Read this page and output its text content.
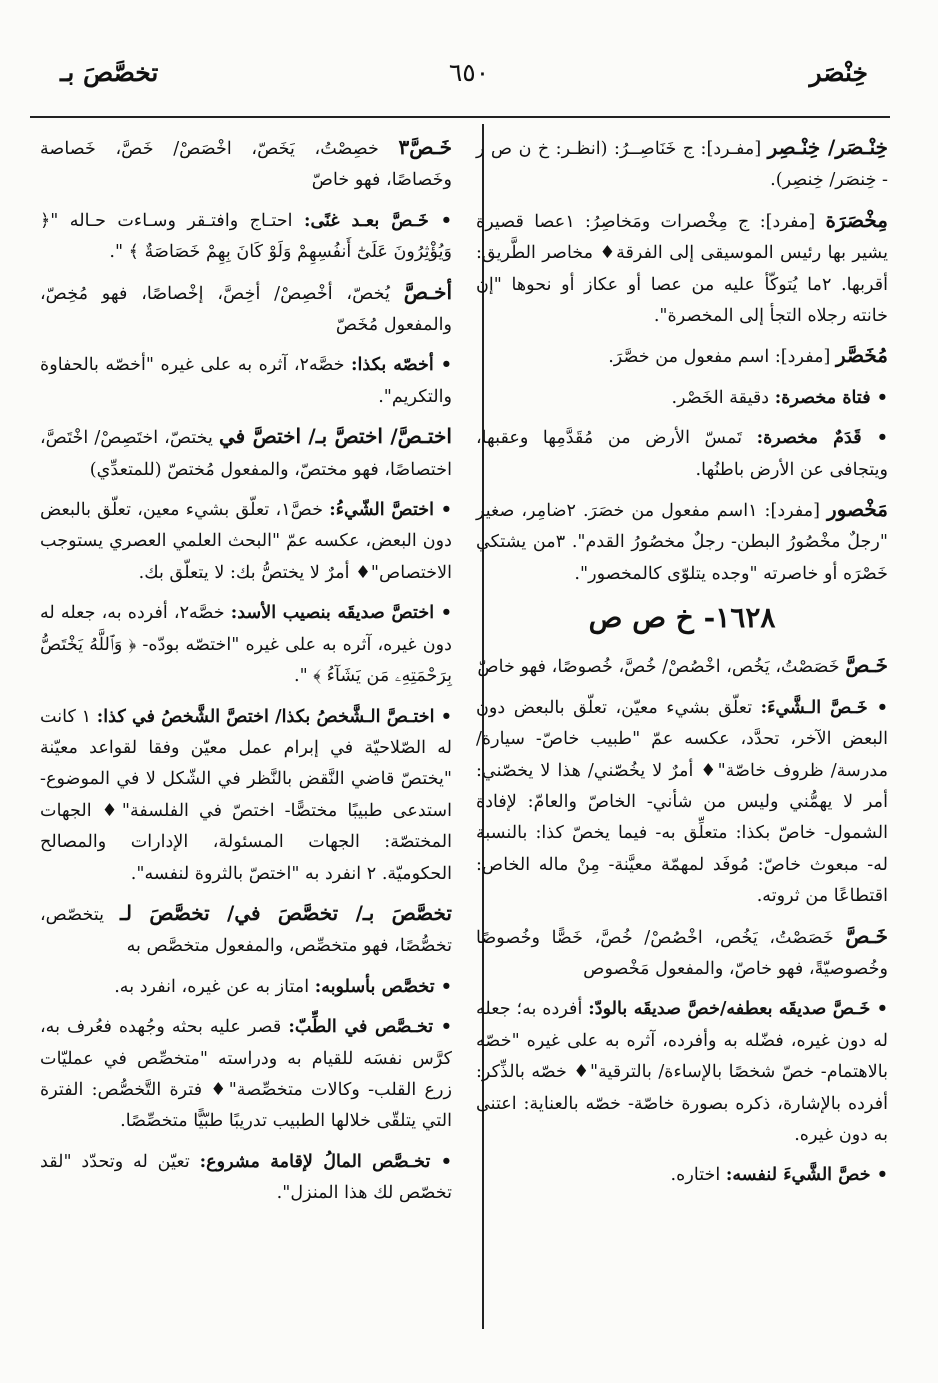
خِنْصَر
٦٥٠
تخصَّصَ بـ
خِنْـصَر/ خِنْـصِر [مفـرد]: ج خَنَاصِــرُ: (انظـر: خ ن ص ر - خِنصَر/ خِنصِر).
مِخْصَرَة [مفرد]: ج مِخْصرات ومَخاصِرُ: ١عصا قصيرة يشير بها رئيس الموسيقى إلى الفرقة♦ مخاصر الطَّريق: أقربها. ٢ما يُتوكّأ عليه من عصا أو عكاز أو نحوها "إن خانته رجلاه التجأ إلى المخصرة".
مُخَصَّر [مفرد]: اسم مفعول من خصَّرَ.
• فتاة مخصرة: دقيقة الخَصْر.
• قَدَمٌ مخصرة: تَمسّ الأرض من مُقَدَّمِها وعقبها، ويتجافى عن الأرض باطنُها.
مَخْصور [مفرد]: ١اسم مفعول من خصَرَ. ٢ضامِر، صغير "رجلٌ مخْصُورُ البطن- رجلٌ مخصُورُ القدم". ٣من يشتكي خَصْرَه أو خاصرته "وجده يتلوّى كالمخصور".
١٦٢٨- خ ص ص
خَـصَّ خَصَصْتُ، يَخُص، اخْصُصْ/ خُصَّ، خُصوصًا، فهو خاصّ
• خَـصَّ الـشَّيءَ: تعلّق بشيء معيّن، تعلّق بالبعض دون البعض الآخر، تحدَّد، عكسه عمّ "طبيب خاصّ- سيارة/ مدرسة/ ظروف خاصّة"♦ أمرٌ لا يخُصّني/ هذا لا يخصّني: أمر لا يهمُّني وليس من شأني- الخاصّ والعامّ: لإفادة الشمول- خاصّ بكذا: متعلِّق به- فيما يخصّ كذا: بالنسبة له- مبعوث خاصّ: مُوفَد لمهمّة معيَّنة- مِنْ ماله الخاص: اقتطاعًا من ثروته.
خَـصَّ خَصَصْتُ، يَخُص، اخْصُصْ/ خُصَّ، خَصًّا وخُصوصًا وخُصوصيّةً، فهو خاصّ، والمفعول مَخْصوص
• خَـصَّ صديقَه بعطفه/خصَّ صديقَه بالودّ: أفرده به؛ جعله له دون غيره، فضّله به وأفرده، آثره به على غيره "خصّه بالاهتمام- خصّ شخصًا بالإساءة/ بالترقية"♦ خصّه بالذِّكر: أفرده بالإشارة، ذكره بصورة خاصّة- خصّه بالعناية: اعتنى به دون غيره.
• خصَّ الشَّيءَ لنفسه: اختاره.
خَـصَّ٣ خصِصْتُ، يَخَصّ، اخْصَصْ/ خَصَّ، خَصاصة وخَصاصًا، فهو خاصّ
• خَـصَّ بعـد غنًى: احتـاج وافتـقر وسـاءت حـاله "﴿ وَيُؤْثِرُونَ عَلَىٰٓ أَنفُسِهِمْ وَلَوْ كَانَ بِهِمْ خَصَاصَةٌ ﴾ ".
أخـصَّ يُخصّ، أخْصِصْ/ أخِصَّ، إخْصاصًا، فهو مُخِصّ، والمفعول مُخَصّ
• أخصّه بكذا: خصَّه٢، آثره به على غيره "أخصّه بالحفاوة والتكريم".
اختـصَّ/ اختصَّ بـ/ اختصَّ في يختصّ، اختَصِصْ/ اخْتَصَّ، اختصاصًا، فهو مختصّ، والمفعول مُختصّ (للمتعدِّي)
• اختصَّ الشّيءُ: خصَّ١، تعلّق بشيء معين، تعلّق بالبعض دون البعض، عكسه عمّ "البحث العلمي العصري يستوجب الاختصاص"♦ أمرٌ لا يختصُّ بك: لا يتعلّق بك.
• اختصَّ صديقَه بنصيب الأسد: خصَّه٢، أفرده به، جعله له دون غيره، آثره به على غيره "اختصّه بودّه- ﴿ وَٱللَّهُ يَخْتَصُّ بِرَحْمَتِهِۦ مَن يَشَآءُ ﴾ ".
• اختـصَّ الـشَّخصُ بكذا/ اختصَّ الشَّخصُ في كذا: ١ كانت له الصّلاحيّة في إبرام عمل معيّن وفقا لقواعد معيّنة "يختصّ قاضي النَّقض بالنَّظر في الشّكل لا في الموضوع- استدعى طبيبًا مختصًّا- اختصّ في الفلسفة"♦ الجهات المختصّة: الجهات المسئولة، الإدارات والمصالح الحكوميّة. ٢ انفرد به "اختصّ بالثروة لنفسه".
تخصَّصَ بـ/ تخصَّصَ في/ تخصَّصَ لـ يتخصّص، تخصُّصًا، فهو متخصِّص، والمفعول متخصَّص به
• تخصَّص بأسلوبه: امتاز به عن غيره، انفرد به.
• تخـصَّص في الطِّبّ: قصر عليه بحثه وجُهده فعُرف به، كرَّس نفسَه للقيام به ودراسته "متخصِّص في عمليّات زرع القلب- وكالات متخصِّصة"♦ فترة التَّخصُّص: الفترة التي يتلقّى خلالها الطبيب تدريبًا طبّيًّا متخصِّصًا.
• تخـصَّص المالُ لإقامة مشروع: تعيّن له وتحدّد "لقد تخصّص لك هذا المنزل".
